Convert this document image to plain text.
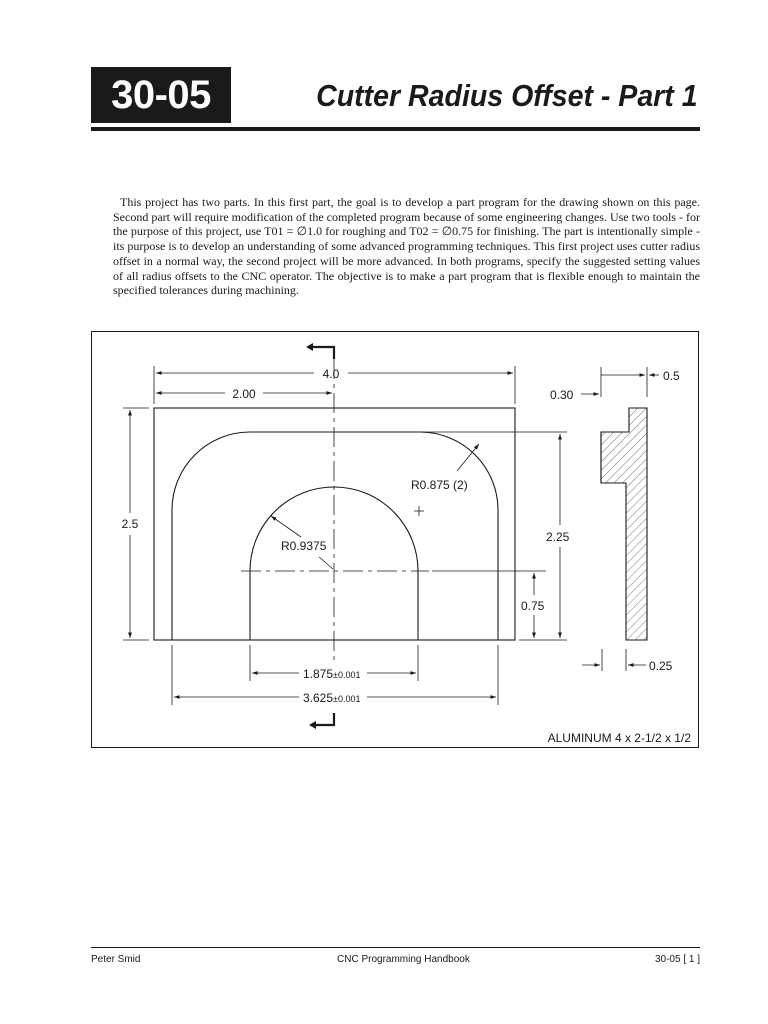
30-05	Cutter Radius Offset - Part 1

This project has two parts. In this first part, the goal is to develop a part program for the drawing shown on this page. Second part will require modification of the completed program because of some engineering changes. Use two tools - for the purpose of this project, use T01 = ∅1.0 for roughing and T02 = ∅0.75 for finishing. The part is intentionally simple - its purpose is to develop an understanding of some advanced programming techniques. This first project uses cutter radius offset in a normal way, the second project will be more advanced. In both programs, specify the suggested setting values of all radius offsets to the CNC operator. The objective is to make a part program that is flexible enough to maintain the specified tolerances during machining.

4.0
2.00
2.5
R0.875 (2)
R0.9375
2.25
0.75
1.875±0.001
3.625±0.001
0.5
0.30
0.25
ALUMINUM 4 x 2-1/2 x 1/2
Peter Smid	CNC Programming Handbook	30-05 [ 1 ]
